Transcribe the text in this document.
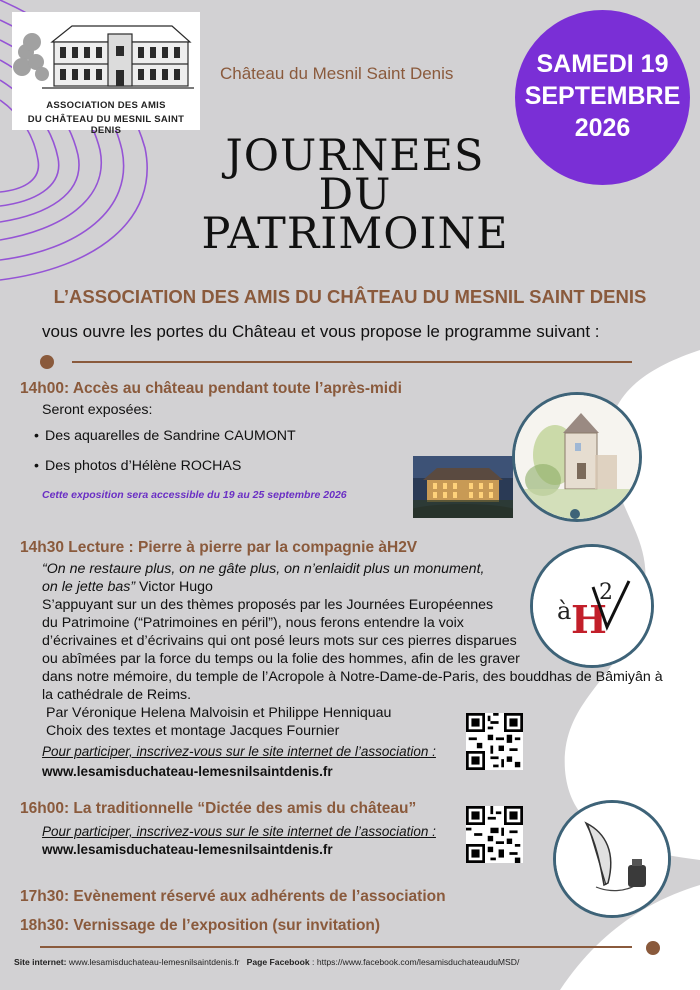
ASSOCIATION DES AMIS
DU CHÂTEAU DU MESNIL SAINT DENIS
Château du Mesnil Saint Denis	SAMEDI 19
SEPTEMBRE
2026
JOURNEES
DU
PATRIMOINE
L’ASSOCIATION DES AMIS DU CHÂTEAU DU MESNIL SAINT DENIS
vous ouvre les portes du Château et vous propose le programme suivant :
14h00: Accès au château pendant toute l’après-midi
Seront exposées:
• Des aquarelles de Sandrine CAUMONT
• Des photos d’Hélène ROCHAS
Cette exposition sera accessible du 19 au 25 septembre 2026
14h30 Lecture : Pierre à pierre par la compagnie àH2V
“On ne restaure plus, on ne gâte plus, on n’enlaidit plus un monument,
on le jette bas” Victor Hugo
S’appuyant sur un des thèmes proposés par les Journées Européennes
du Patrimoine (“Patrimoines en péril”), nous ferons entendre la voix
d’écrivaines et d’écrivains qui ont posé leurs mots sur ces pierres disparues
ou abîmées par la force du temps ou la folie des hommes, afin de les graver
dans notre mémoire, du temple de l’Acropole à Notre-Dame-de-Paris, des bouddhas de Bâmiyân à
la cathédrale de Reims.
Par Véronique Helena Malvoisin et Philippe Henniquau
Choix des textes et montage Jacques Fournier
Pour participer, inscrivez-vous sur le site internet de l’association :
www.lesamisduchateau-lemesnilsaintdenis.fr
à H
2
16h00: La traditionnelle “Dictée des amis du château”
Pour participer, inscrivez-vous sur le site internet de l’association :
www.lesamisduchateau-lemesnilsaintdenis.fr
17h30: Evènement réservé aux adhérents de l’association
18h30: Vernissage de l’exposition (sur invitation)
Site internet: www.lesamisduchateau-lemesnilsaintdenis.fr Page Facebook : https://www.facebook.com/lesamisduchateauduMSD/
